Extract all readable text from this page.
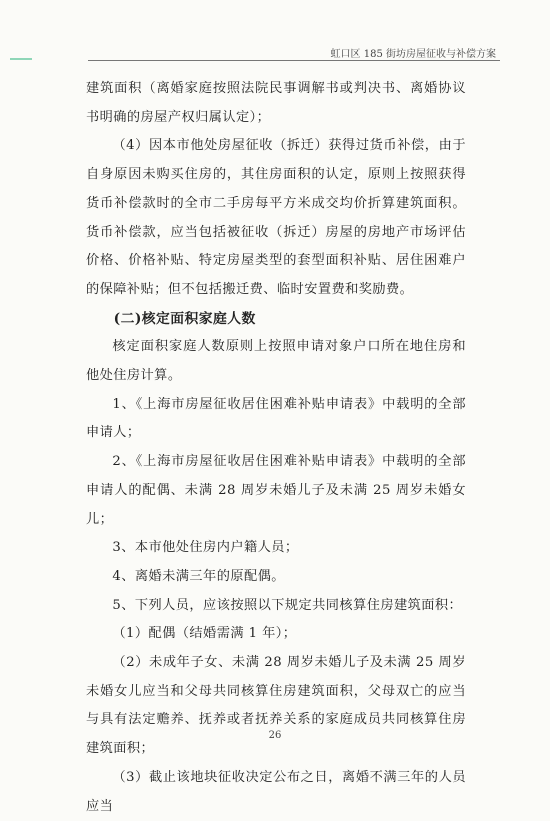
虹口区 185 街坊房屋征收与补偿方案

建筑面积（离婚家庭按照法院民事调解书或判决书、离婚协议书明确的房屋产权归属认定）；

（4）因本市他处房屋征收（拆迁）获得过货币补偿，由于自身原因未购买住房的，其住房面积的认定，原则上按照获得货币补偿款时的全市二手房每平方米成交均价折算建筑面积。货币补偿款，应当包括被征收（拆迁）房屋的房地产市场评估价格、价格补贴、特定房屋类型的套型面积补贴、居住困难户的保障补贴；但不包括搬迁费、临时安置费和奖励费。

(二)核定面积家庭人数

核定面积家庭人数原则上按照申请对象户口所在地住房和他处住房计算。

1、《上海市房屋征收居住困难补贴申请表》中载明的全部申请人；

2、《上海市房屋征收居住困难补贴申请表》中载明的全部申请人的配偶、未满 28 周岁未婚儿子及未满 25 周岁未婚女儿；

3、本市他处住房内户籍人员；

4、离婚未满三年的原配偶。

5、下列人员，应该按照以下规定共同核算住房建筑面积：

（1）配偶（结婚需满 1 年）；

（2）未成年子女、未满 28 周岁未婚儿子及未满 25 周岁未婚女儿应当和父母共同核算住房建筑面积，父母双亡的应当与具有法定赡养、抚养或者抚养关系的家庭成员共同核算住房建筑面积；

（3）截止该地块征收决定公布之日，离婚不满三年的人员应当

26
